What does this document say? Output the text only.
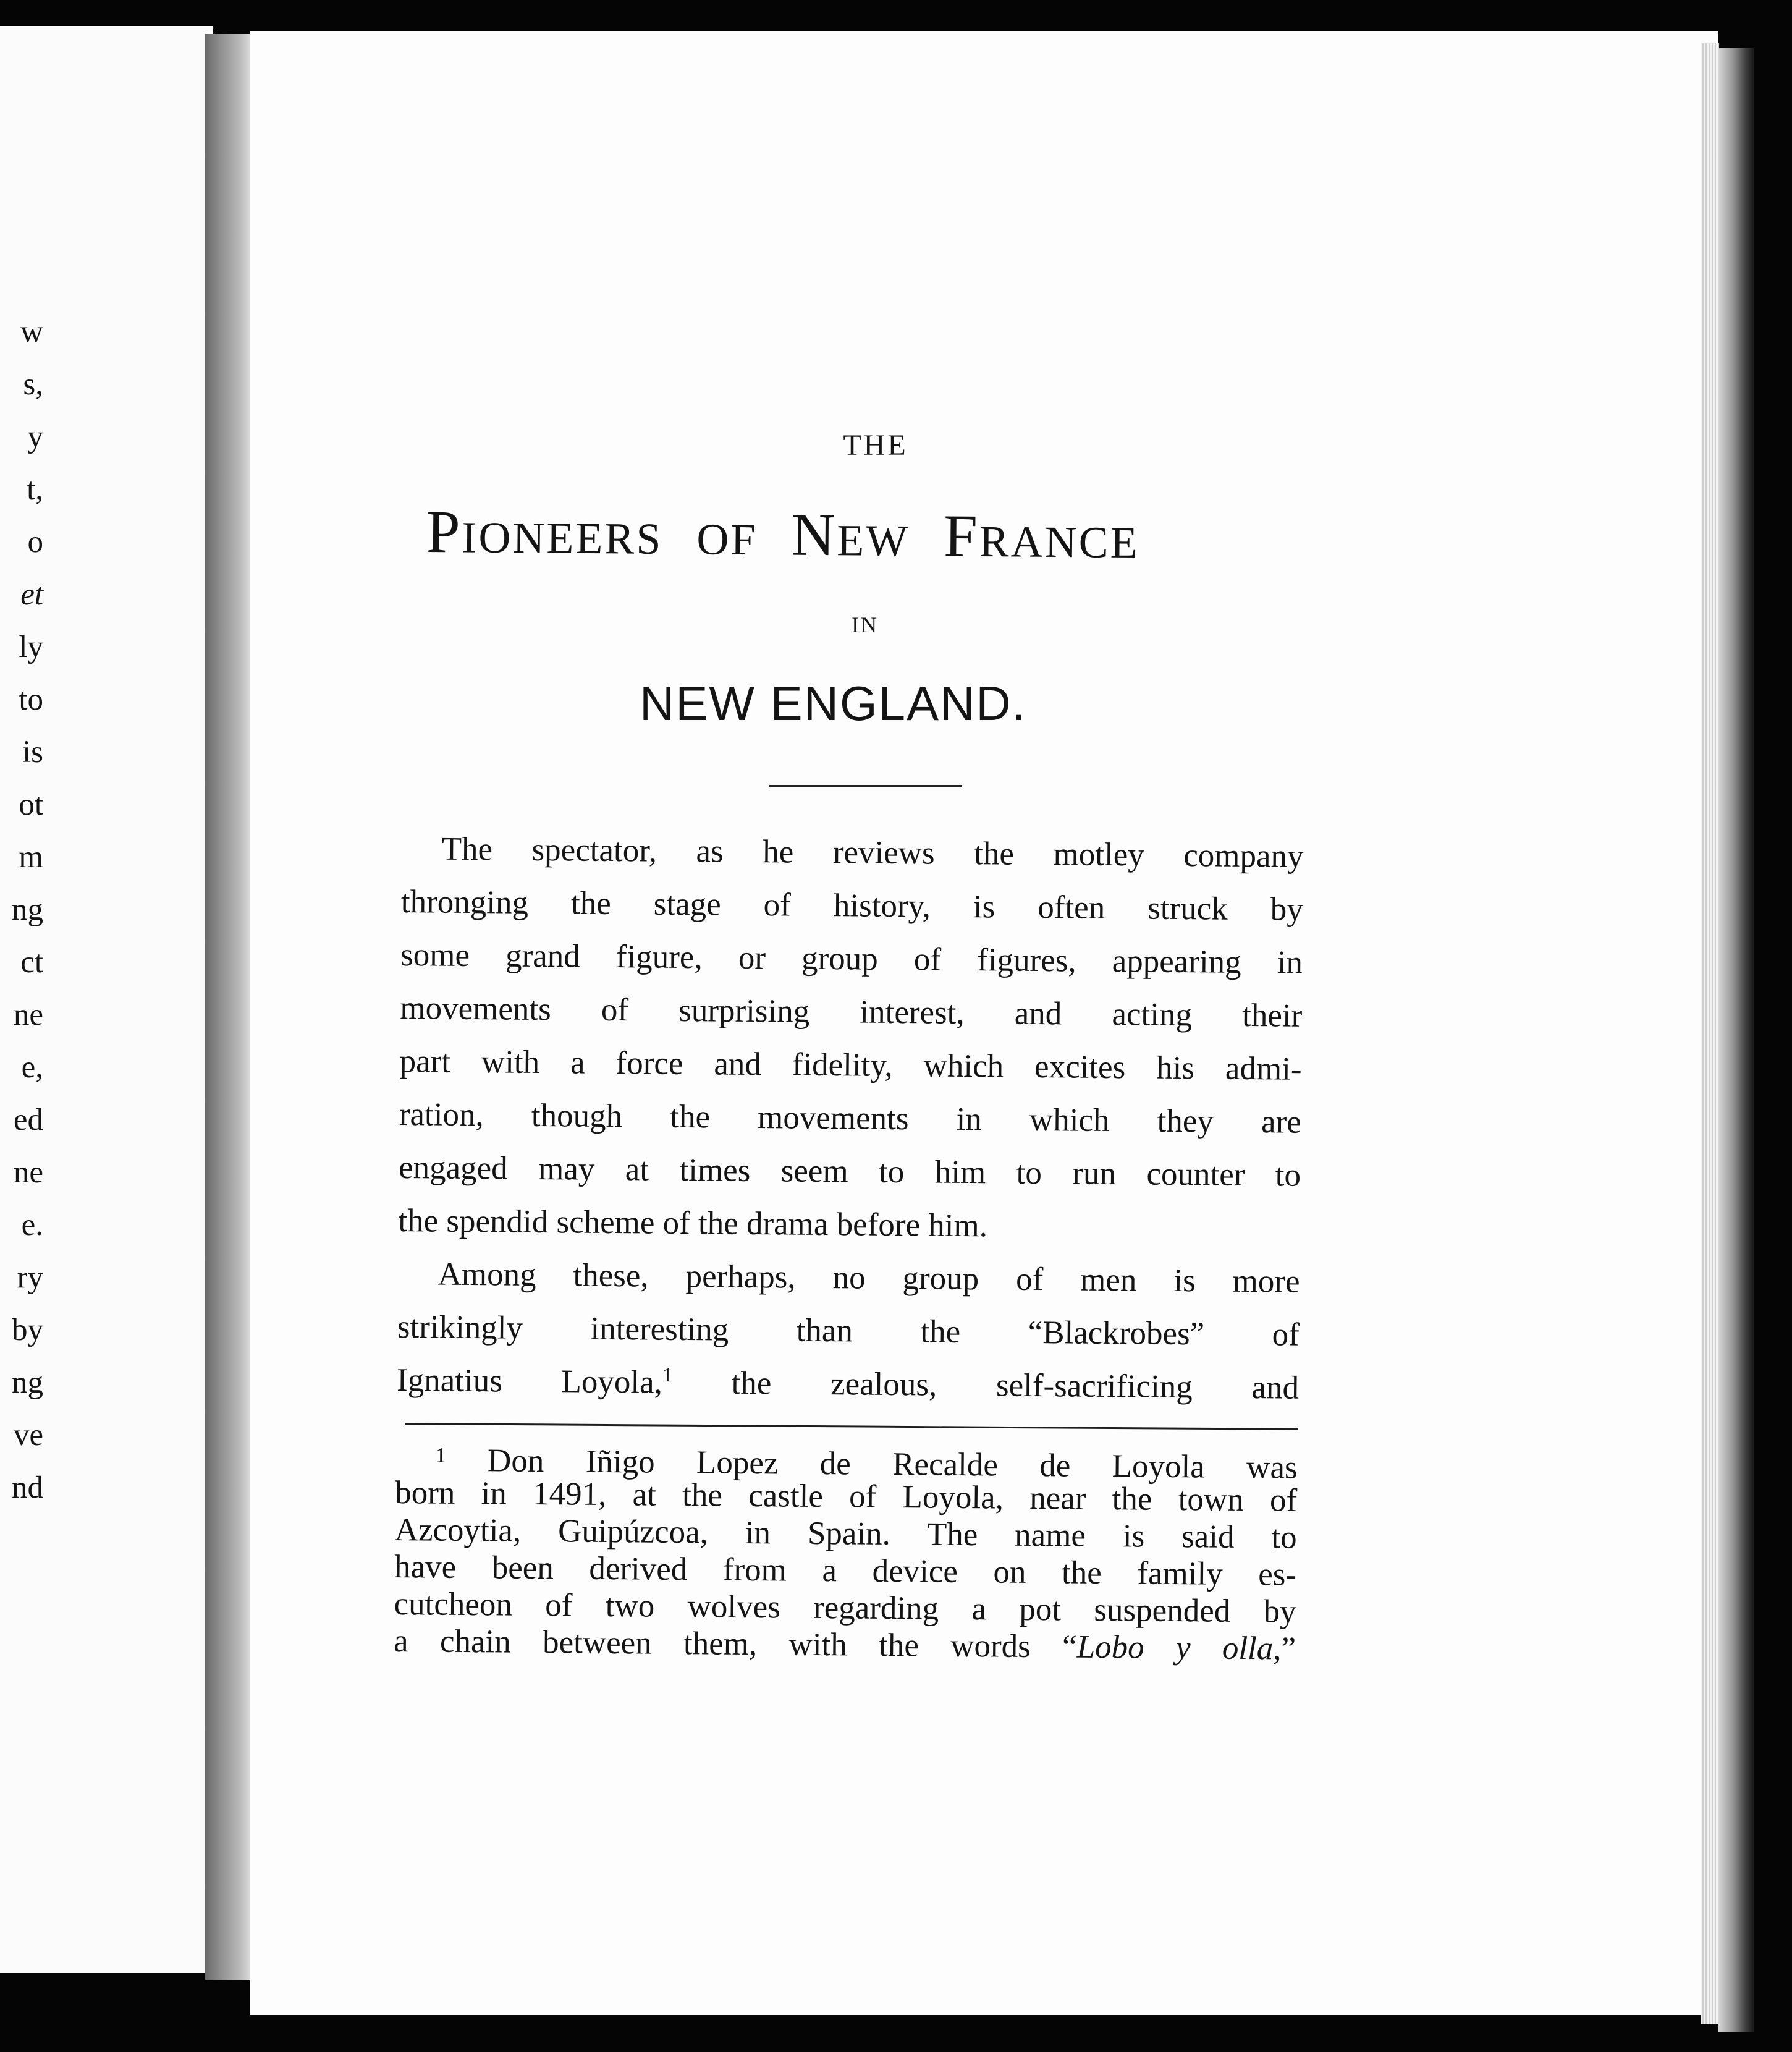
w
s,
y
t,
o
et
ly
to
is
ot
m
ng
ct
ne
e,
ed
ne
e.
ry
by
ng
ve
nd
THE
PIONEERS OF NEW FRANCE
IN
NEW ENGLAND.
The spectator, as he reviews the motley company
thronging the stage of history, is often struck by
some grand figure, or group of figures, appearing in
movements of surprising interest, and acting their
part with a force and fidelity, which excites his admi-
ration, though the movements in which they are
engaged may at times seem to him to run counter to
the spendid scheme of the drama before him.
Among these, perhaps, no group of men is more
strikingly interesting than the “Blackrobes” of
Ignatius Loyola,$^1$ the zealous, self-sacrificing and
$^1$ Don Iñigo Lopez de Recalde de Loyola was
born in 1491, at the castle of Loyola, near the town of
Azcoytia, Guipúzcoa, in Spain. The name is said to
have been derived from a device on the family es-
cutcheon of two wolves regarding a pot suspended by
a chain between them, with the words “Lobo y olla,”
